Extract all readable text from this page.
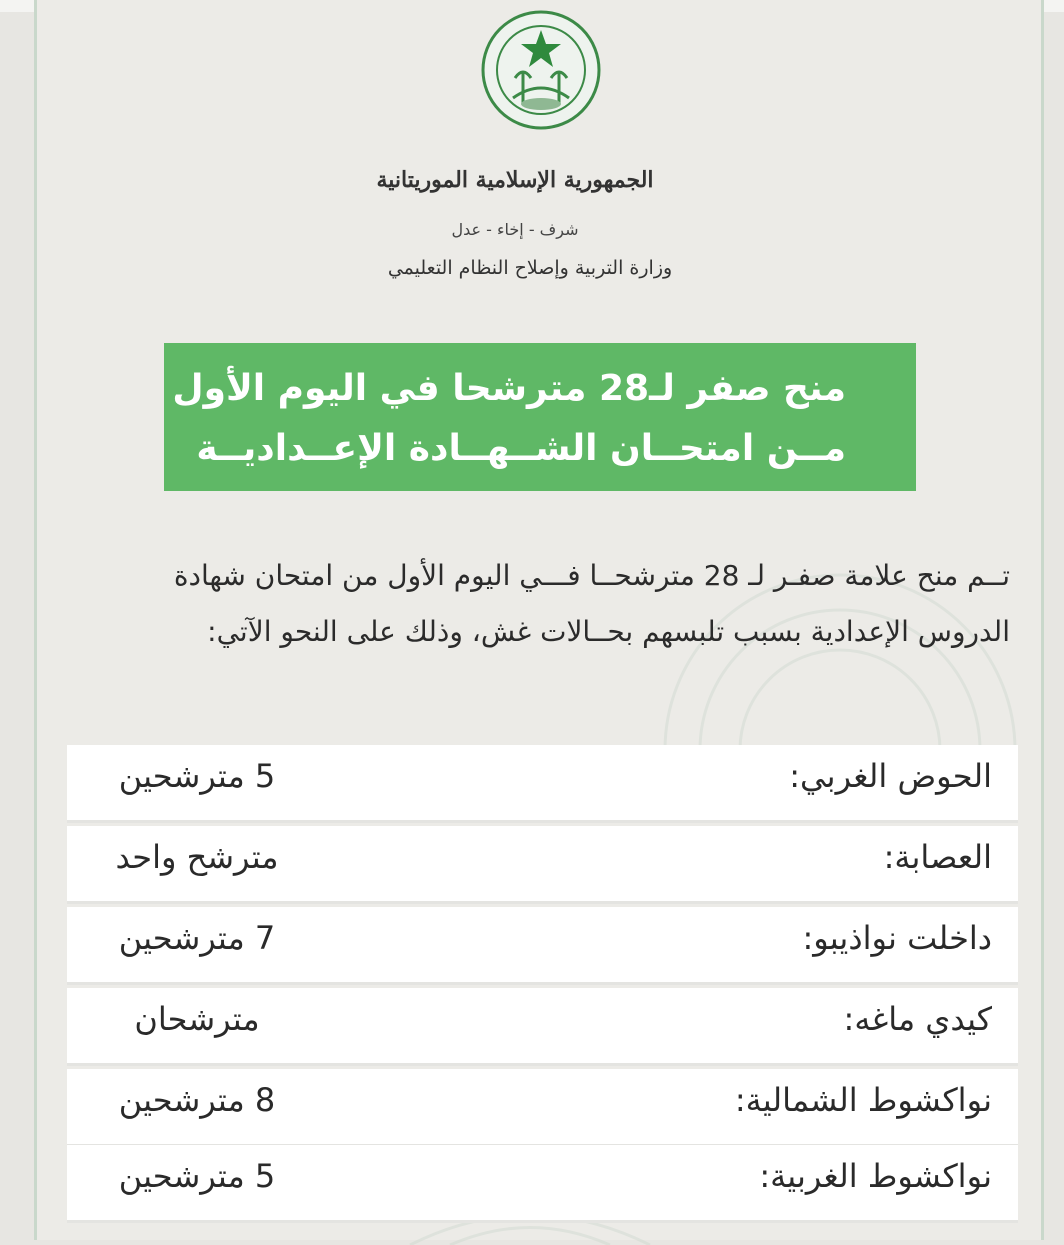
الجمهورية الإسلامية الموريتانية
شرف - إخاء - عدل
وزارة التربية وإصلاح النظام التعليمي
منح صفر لـ28 مترشحا في اليوم الأول
مــن امتحــان الشــهــادة الإعــداديــة
تــم منح علامة صفـر لـ 28 مترشحــا فـــي اليوم الأول من امتحان شهادة
الدروس الإعدادية بسبب تلبسهم بحــالات غش، وذلك على النحو الآتي:
الحوض الغربي:
5 مترشحين
العصابة:
مترشح واحد
داخلت نواذيبو:
7 مترشحين
كيدي ماغه:
مترشحان
نواكشوط الشمالية:
8 مترشحين
نواكشوط الغربية:
5 مترشحين
